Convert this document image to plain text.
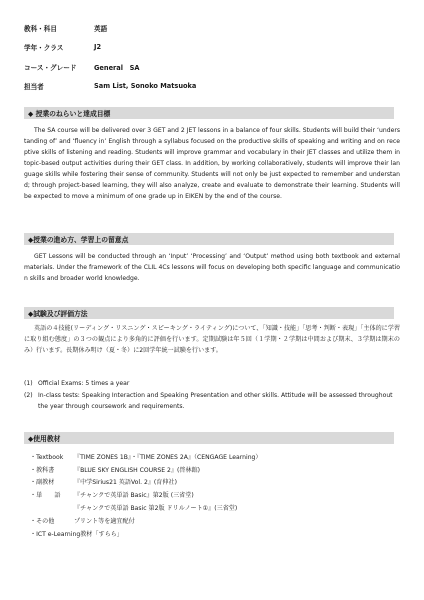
教科・科目	英語
学年・クラス	J2
コース・グレード	General　SA
担当者	Sam List, Sonoko Matsuoka
◆ 授業のねらいと達成目標

The SA course will be delivered over 3 GET and 2 JET lessons in a balance of four skills. Students will build their ‘understanding of’ and ‘fluency in’ English through a syllabus focused on the productive skills of speaking and writing and on receptive skills of listening and reading. Students will improve grammar and vocabulary in their JET classes and utilize them in topic-based output activities during their GET class. In addition, by working collaboratively, students will improve their language skills while fostering their sense of community. Students will not only be just expected to remember and understand; through project-based learning, they will also analyze, create and evaluate to demonstrate their learning. Students will be expected to move a minimum of one grade up in EIKEN by the end of the course.

◆授業の進め方、学習上の留意点

GET Lessons will be conducted through an ‘Input’ ‘Processing’ and ‘Output’ method using both textbook and external materials. Under the framework of the CLIL 4Cs lessons will focus on developing both specific language and communication skills and broader world knowledge.

◆試験及び評価方法

英語の４技能(リーディング・リスニング・スピーキング・ライティング)について、「知識・技能」「思考・判断・表現」「主体的に学習に取り組む態度」の３つの観点により多角的に評価を行います。定期試験は年５回（１学期・２学期は中間および期末、３学期は期末のみ）行います。長期休み明け（夏・冬）に2回学年統一試験を行います。

(1) Official Exams: 5 times a year
(2) In-class tests: Speaking Interaction and Speaking Presentation and other skills. Attitude will be assessed throughout the year through coursework and requirements.
◆使用教材
・Textbook	『TIME ZONES 1B』・『TIME ZONES 2A』（CENGAGE Learning）
・教科書	『BLUE SKY ENGLISH COURSE 2』(啓林館)
・副教材	『中学Sirius21 英語Vol. 2』(育伸社)
・単　　語	『チャンクで英単語 Basic』第2版 (三省堂)
『チャンクで英単語 Basic 第2版 ドリルノート①』(三省堂)
・その他	プリント等を適宜配付
・ICT e-Learning教材「すらら」
